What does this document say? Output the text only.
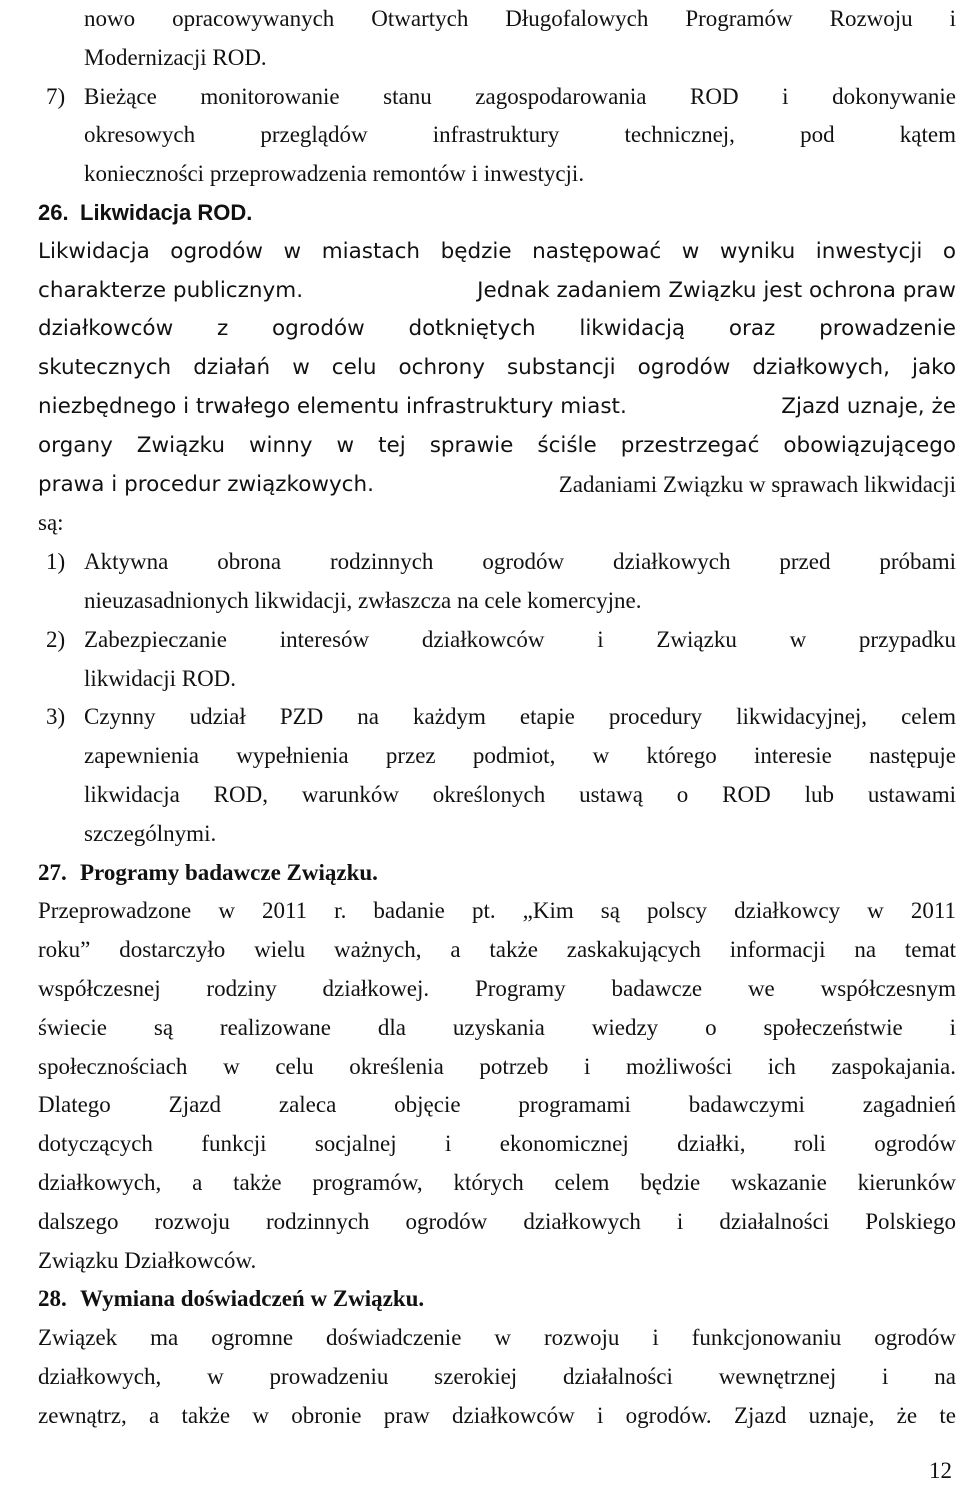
nowo opracowywanych Otwartych Długofalowych Programów Rozwoju i
Modernizacji ROD.
7) Bieżące monitorowanie stanu zagospodarowania ROD i dokonywanie
okresowych przeglądów infrastruktury technicznej, pod kątem
konieczności przeprowadzenia remontów i inwestycji.
26. Likwidacja ROD.
Likwidacja ogrodów w miastach będzie następować w wyniku inwestycji o
charakterze publicznym.	Jednak zadaniem Związku jest ochrona praw
działkowców z ogrodów dotkniętych likwidacją oraz prowadzenie
skutecznych działań w celu ochrony substancji ogrodów działkowych, jako
niezbędnego i trwałego elementu infrastruktury miast.	Zjazd uznaje, że
organy Związku winny w tej sprawie ściśle przestrzegać obowiązującego
prawa i procedur związkowych.	Zadaniami Związku w sprawach likwidacji
są:
1) Aktywna obrona rodzinnych ogrodów działkowych przed próbami
nieuzasadnionych likwidacji, zwłaszcza na cele komercyjne.
2) Zabezpieczanie interesów działkowców i Związku w przypadku
likwidacji ROD.
3) Czynny udział PZD na każdym etapie procedury likwidacyjnej, celem
zapewnienia wypełnienia przez podmiot, w którego interesie następuje
likwidacja ROD, warunków określonych ustawą o ROD lub ustawami
szczególnymi.
27. Programy badawcze Związku.
Przeprowadzone w 2011 r. badanie pt. „Kim są polscy działkowcy w 2011
roku” dostarczyło wielu ważnych, a także zaskakujących informacji na temat
współczesnej rodziny działkowej. Programy badawcze we współczesnym
świecie są realizowane dla uzyskania wiedzy o społeczeństwie i
społecznościach w celu określenia potrzeb i możliwości ich zaspokajania.
Dlatego Zjazd zaleca objęcie programami badawczymi zagadnień
dotyczących funkcji socjalnej i ekonomicznej działki, roli ogrodów
działkowych, a także programów, których celem będzie wskazanie kierunków
dalszego rozwoju rodzinnych ogrodów działkowych i działalności Polskiego
Związku Działkowców.
28. Wymiana doświadczeń w Związku.
Związek ma ogromne doświadczenie w rozwoju i funkcjonowaniu ogrodów
działkowych, w prowadzeniu szerokiej działalności wewnętrznej i na
zewnątrz, a także w obronie praw działkowców i ogrodów. Zjazd uznaje, że te
12
